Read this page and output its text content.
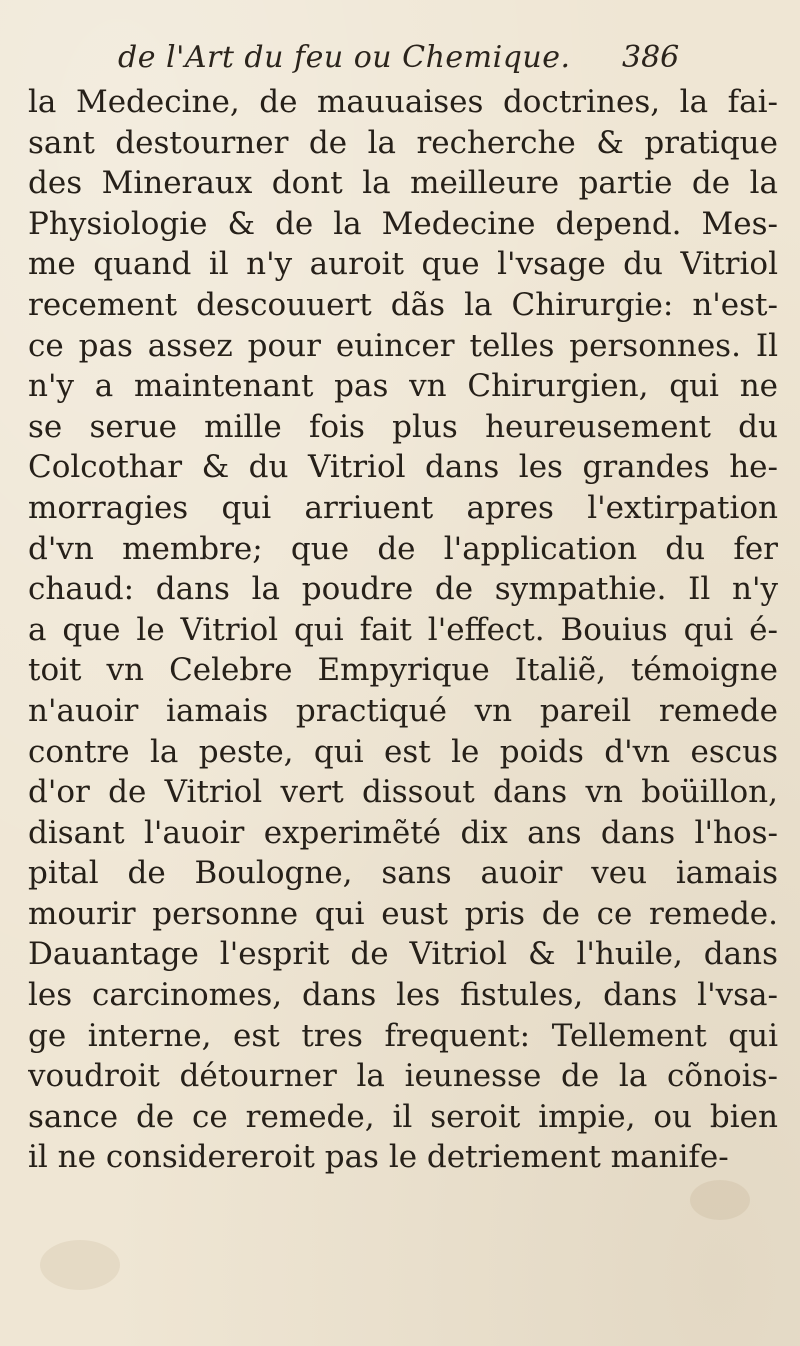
de l'Art du feu ou Chemique. 386
la Medecine, de mauuaises doctrines, la fai-
sant destourner de la recherche & pratique
des Mineraux dont la meilleure partie de la
Physiologie & de la Medecine depend. Mes-
me quand il n'y auroit que l'vsage du Vitriol
recement descouuert dãs la Chirurgie: n'est-
ce pas assez pour euincer telles personnes. Il
n'y a maintenant pas vn Chirurgien, qui ne
se serue mille fois plus heureusement du
Colcothar & du Vitriol dans les grandes he-
morragies qui arriuent apres l'extirpation
d'vn membre; que de l'application du fer
chaud: dans la poudre de sympathie. Il n'y
a que le Vitriol qui fait l'effect. Bouius qui é-
toit vn Celebre Empyrique Italiẽ, témoigne
n'auoir iamais practiqué vn pareil remede
contre la peste, qui est le poids d'vn escus
d'or de Vitriol vert dissout dans vn boüillon,
disant l'auoir experimẽté dix ans dans l'hos-
pital de Boulogne, sans auoir veu iamais
mourir personne qui eust pris de ce remede.
Dauantage l'esprit de Vitriol & l'huile, dans
les carcinomes, dans les fistules, dans l'vsa-
ge interne, est tres frequent: Tellement qui
voudroit détourner la ieunesse de la cõnois-
sance de ce remede, il seroit impie, ou bien
il ne considereroit pas le detriement manife-
